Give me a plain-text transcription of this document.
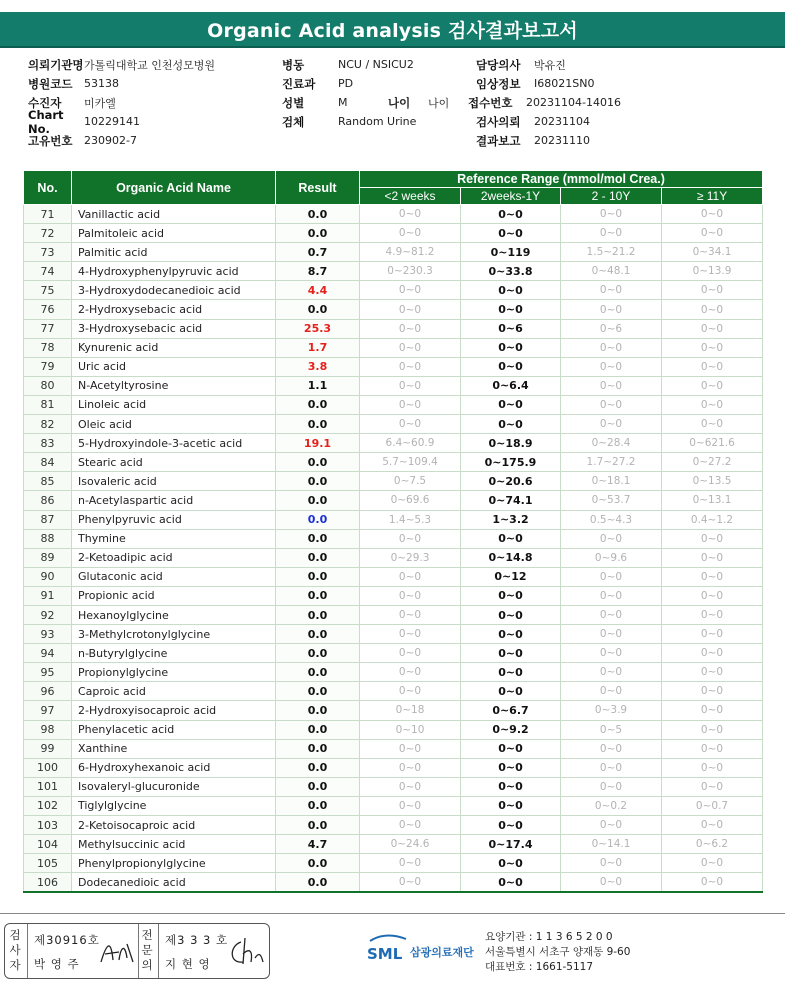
Organic Acid analysis 검사결과보고서
의뢰기관명 가톨릭대학교 인천성모병원	병동	NCU / NSICU2	담당의사	박유진
병원코드	53138	진료과	PD	임상정보	I68021SN0
수진자	미카엘	성별	M	나이	나이	접수번호	20231104-14016
Chart No.	10229141	검체	Random Urine	검사의뢰	20231104
고유번호	230902-7	결과보고	20231110
No.	Organic Acid Name	Result	Reference Range (mmol/mol Crea.)			
			<2 weeks	2weeks-1Y	2 - 10Y	≥ 11Y
71	Vanillactic acid	0.0	0~0	0~0	0~0	0~0
72	Palmitoleic acid	0.0	0~0	0~0	0~0	0~0
73	Palmitic acid	0.7	4.9~81.2	0~119	1.5~21.2	0~34.1
74	4-Hydroxyphenylpyruvic acid	8.7	0~230.3	0~33.8	0~48.1	0~13.9
75	3-Hydroxydodecanedioic acid	4.4	0~0	0~0	0~0	0~0
76	2-Hydroxysebacic acid	0.0	0~0	0~0	0~0	0~0
77	3-Hydroxysebacic acid	25.3	0~0	0~6	0~6	0~0
78	Kynurenic acid	1.7	0~0	0~0	0~0	0~0
79	Uric acid	3.8	0~0	0~0	0~0	0~0
80	N-Acetyltyrosine	1.1	0~0	0~6.4	0~0	0~0
81	Linoleic acid	0.0	0~0	0~0	0~0	0~0
82	Oleic acid	0.0	0~0	0~0	0~0	0~0
83	5-Hydroxyindole-3-acetic acid	19.1	6.4~60.9	0~18.9	0~28.4	0~621.6
84	Stearic acid	0.0	5.7~109.4	0~175.9	1.7~27.2	0~27.2
85	Isovaleric acid	0.0	0~7.5	0~20.6	0~18.1	0~13.5
86	n-Acetylaspartic acid	0.0	0~69.6	0~74.1	0~53.7	0~13.1
87	Phenylpyruvic acid	0.0	1.4~5.3	1~3.2	0.5~4.3	0.4~1.2
88	Thymine	0.0	0~0	0~0	0~0	0~0
89	2-Ketoadipic acid	0.0	0~29.3	0~14.8	0~9.6	0~0
90	Glutaconic acid	0.0	0~0	0~12	0~0	0~0
91	Propionic acid	0.0	0~0	0~0	0~0	0~0
92	Hexanoylglycine	0.0	0~0	0~0	0~0	0~0
93	3-Methylcrotonylglycine	0.0	0~0	0~0	0~0	0~0
94	n-Butyrylglycine	0.0	0~0	0~0	0~0	0~0
95	Propionylglycine	0.0	0~0	0~0	0~0	0~0
96	Caproic acid	0.0	0~0	0~0	0~0	0~0
97	2-Hydroxyisocaproic acid	0.0	0~18	0~6.7	0~3.9	0~0
98	Phenylacetic acid	0.0	0~10	0~9.2	0~5	0~0
99	Xanthine	0.0	0~0	0~0	0~0	0~0
100	6-Hydroxyhexanoic acid	0.0	0~0	0~0	0~0	0~0
101	Isovaleryl-glucuronide	0.0	0~0	0~0	0~0	0~0
102	Tiglylglycine	0.0	0~0	0~0	0~0.2	0~0.7
103	2-Ketoisocaproic acid	0.0	0~0	0~0	0~0	0~0
104	Methylsuccinic acid	4.7	0~24.6	0~17.4	0~14.1	0~6.2
105	Phenylpropionylglycine	0.0	0~0	0~0	0~0	0~0
106	Dodecanedioic acid	0.0	0~0	0~0	0~0	0~0
검
사
자
제30916호
박 영 주
전
문
의
제3 3 3 호
지 현 영
SML 삼광의료재단
요양기관 : 1 1 3 6 5 2 0 0
서울특별시 서초구 양재동 9-60
대표번호 : 1661-5117
